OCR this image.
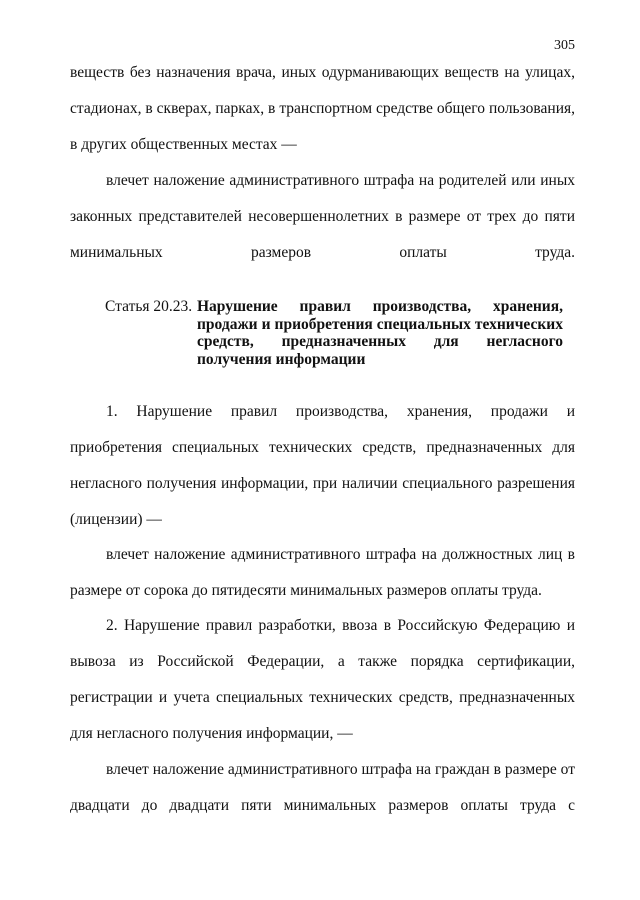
305

веществ без назначения врача, иных одурманивающих веществ на улицах, стадионах, в скверах, парках, в транспортном средстве общего пользования, в других общественных местах —

влечет наложение административного штрафа на родителей или иных законных представителей несовершеннолетних в размере от трех до пяти минимальных размеров оплаты труда.

Статья 20.23. Нарушение правил производства, хранения,
продажи и приобретения специальных технических
средств, предназначенных для негласного
получения информации

1. Нарушение правил производства, хранения, продажи и приобретения специальных технических средств, предназначенных для негласного получения информации, при наличии специального разрешения (лицензии) —

влечет наложение административного штрафа на должностных лиц в размере от сорока до пятидесяти минимальных размеров оплаты труда.

2. Нарушение правил разработки, ввоза в Российскую Федерацию и вывоза из Российской Федерации, а также порядка сертификации, регистрации и учета специальных технических средств, предназначенных для негласного получения информации, —

влечет наложение административного штрафа на граждан в размере от двадцати до двадцати пяти минимальных размеров оплаты труда с
